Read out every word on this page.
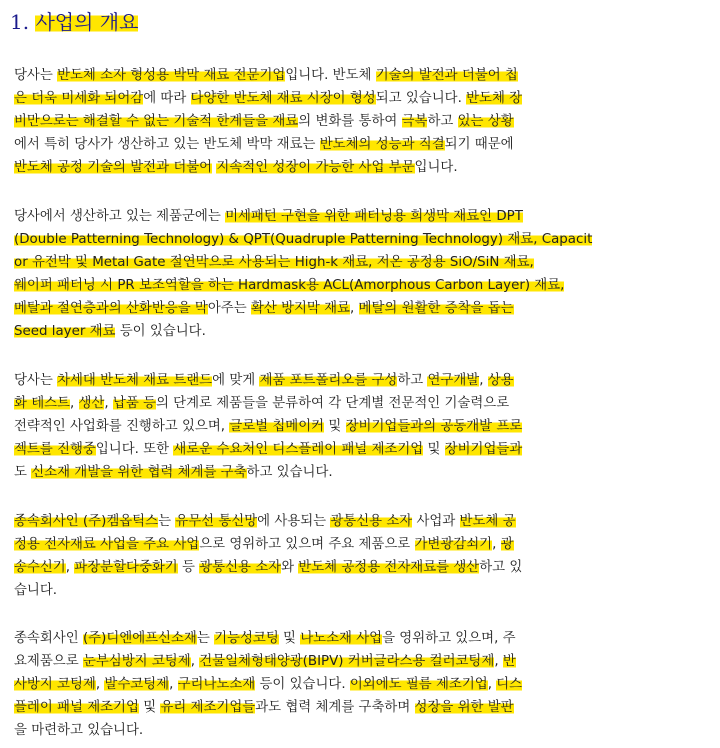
1. 사업의 개요
당사는 반도체 소자 형성용 박막 재료 전문기업입니다. 반도체 기술의 발전과 더불어 칩
은 더욱 미세화 되어감에 따라 다양한 반도체 재료 시장이 형성되고 있습니다. 반도체 장
비만으로는 해결할 수 없는 기술적 한계들을 재료의 변화를 통하여 극복하고 있는 상황
에서 특히 당사가 생산하고 있는 반도체 박막 재료는 반도체의 성능과 직결되기 때문에
반도체 공정 기술의 발전과 더불어 지속적인 성장이 가능한 사업 부문입니다.
당사에서 생산하고 있는 제품군에는 미세패턴 구현을 위한 패터닝용 희생막 재료인 DPT
(Double Patterning Technology) & QPT(Quadruple Patterning Technology) 재료, Capacit
or 유전막 및 Metal Gate 절연막으로 사용되는 High-k 재료, 저온 공정용 SiO/SiN 재료,
웨이퍼 패터닝 시 PR 보조역할을 하는 Hardmask용 ACL(Amorphous Carbon Layer) 재료,
메탈과 절연층과의 산화반응을 막아주는 확산 방지막 재료, 메탈의 원활한 증착을 돕는
Seed layer 재료 등이 있습니다.
당사는 차세대 반도체 재료 트랜드에 맞게 제품 포트폴리오를 구성하고 연구개발, 상용
화 테스트, 생산, 납품 등의 단계로 제품들을 분류하여 각 단계별 전문적인 기술력으로
전략적인 사업화를 진행하고 있으며, 글로벌 칩메이커 및 장비기업들과의 공동개발 프로
젝트를 진행중입니다. 또한 새로운 수요처인 디스플레이 패널 제조기업 및 장비기업들과
도 신소재 개발을 위한 협력 체계를 구축하고 있습니다.
종속회사인 (주)켐옵틱스는 유무선 통신망에 사용되는 광통신용 소자 사업과 반도체 공
정용 전자재료 사업을 주요 사업으로 영위하고 있으며 주요 제품으로 가변광감쇠기, 광
송수신기, 파장분할다중화기 등 광통신용 소자와 반도체 공정용 전자재료를 생산하고 있
습니다.
종속회사인 (주)디엔에프신소재는 기능성코팅 및 나노소재 사업을 영위하고 있으며, 주
요제품으로 눈부심방지 코팅제, 건물일체형태양광(BIPV) 커버글라스용 컬러코팅제, 반
사방지 코팅제, 발수코팅제, 구리나노소재 등이 있습니다. 이외에도 필름 제조기업, 디스
플레이 패널 제조기업 및 유리 제조기업들과도 협력 체계를 구축하며 성장을 위한 발판
을 마련하고 있습니다.
